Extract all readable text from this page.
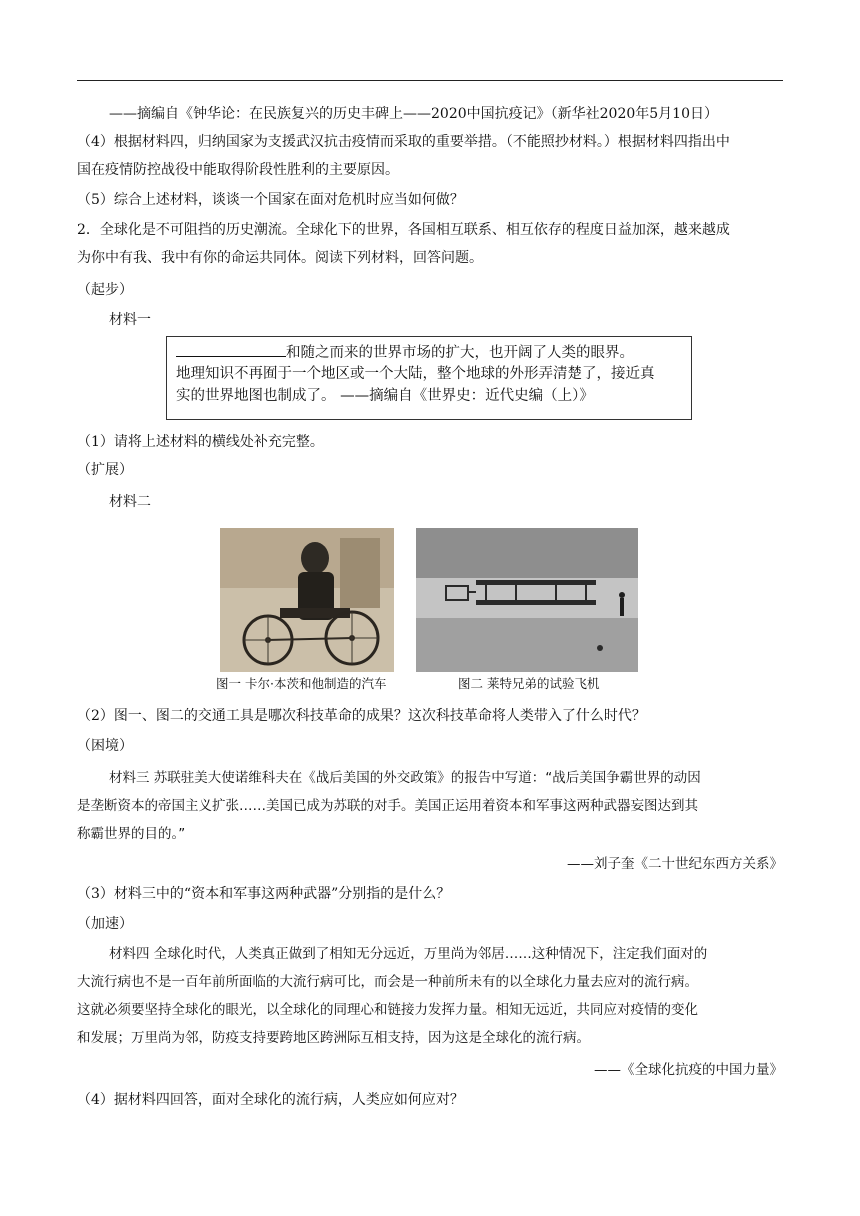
——摘编自《钟华论：在民族复兴的历史丰碑上——2020中国抗疫记》（新华社2020年5月10日）
（4）根据材料四，归纳国家为支援武汉抗击疫情而采取的重要举措。（不能照抄材料。）根据材料四指出中
国在疫情防控战役中能取得阶段性胜利的主要原因。
（5）综合上述材料，谈谈一个国家在面对危机时应当如何做？
2．全球化是不可阻挡的历史潮流。全球化下的世界，各国相互联系、相互依存的程度日益加深，越来越成
为你中有我、我中有你的命运共同体。阅读下列材料，回答问题。
（起步）
材料一
和随之而来的世界市场的扩大，也开阔了人类的眼界。
地理知识不再囿于一个地区或一个大陆，整个地球的外形弄清楚了，接近真
实的世界地图也制成了。 ——摘编自《世界史：近代史编（上）》
（1）请将上述材料的横线处补充完整。
（扩展）
材料二
图一 卡尔·本茨和他制造的汽车	图二 莱特兄弟的试验飞机
（2）图一、图二的交通工具是哪次科技革命的成果？这次科技革命将人类带入了什么时代？
（困境）
材料三 苏联驻美大使诺维科夫在《战后美国的外交政策》的报告中写道：“战后美国争霸世界的动因
是垄断资本的帝国主义扩张……美国已成为苏联的对手。美国正运用着资本和军事这两种武器妄图达到其
称霸世界的目的。”
——刘子奎《二十世纪东西方关系》
（3）材料三中的“资本和军事这两种武器”分别指的是什么？
（加速）
材料四 全球化时代，人类真正做到了相知无分远近，万里尚为邻居……这种情况下，注定我们面对的
大流行病也不是一百年前所面临的大流行病可比，而会是一种前所未有的以全球化力量去应对的流行病。
这就必须要坚持全球化的眼光，以全球化的同理心和链接力发挥力量。相知无远近，共同应对疫情的变化
和发展；万里尚为邻，防疫支持要跨地区跨洲际互相支持，因为这是全球化的流行病。
——《全球化抗疫的中国力量》
（4）据材料四回答，面对全球化的流行病，人类应如何应对？
